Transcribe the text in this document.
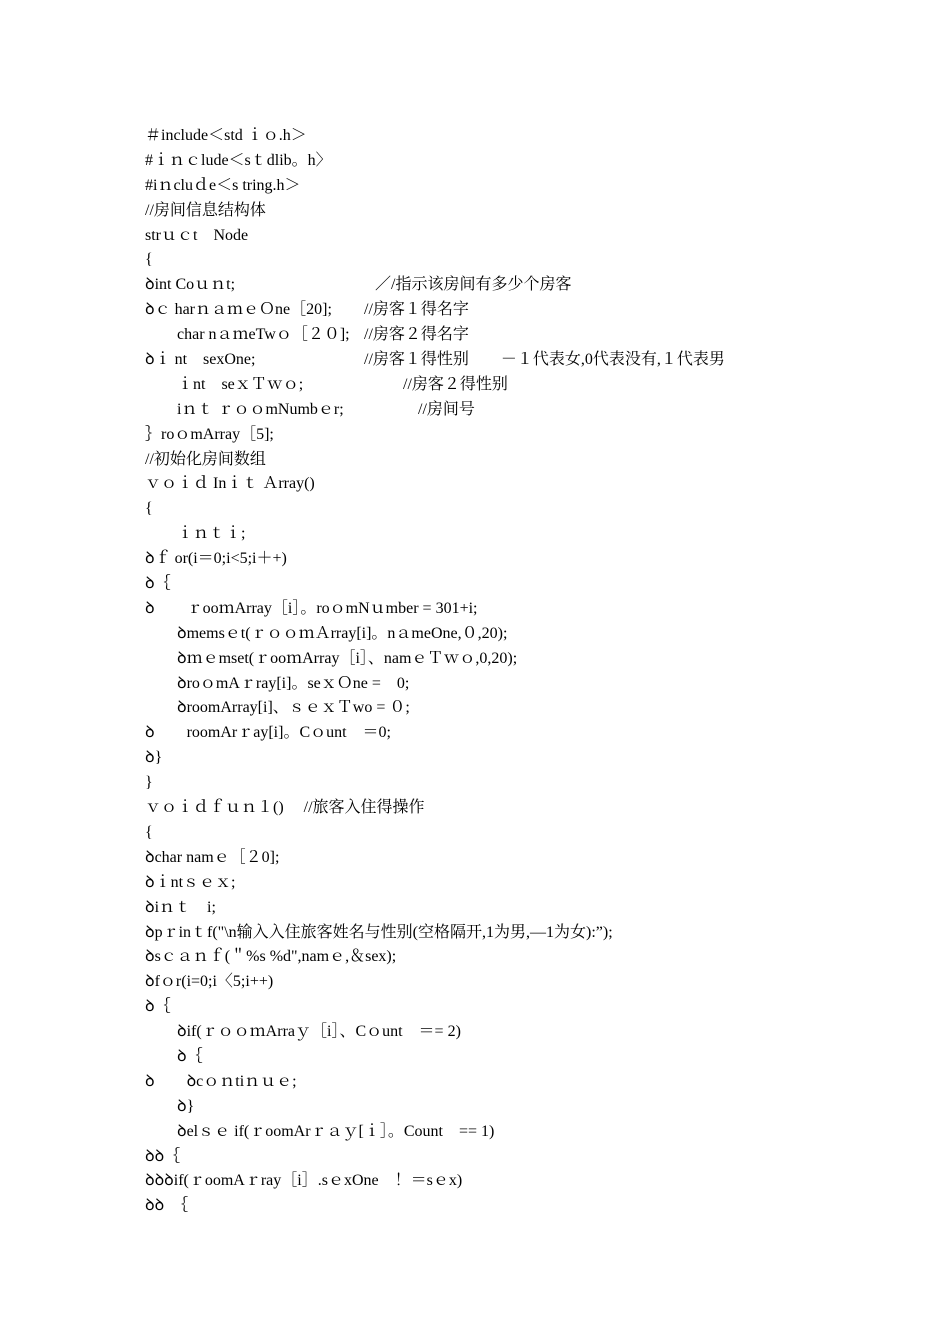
＃include＜std ｉｏ.h＞
#ｉｎｃlude＜sｔdlib。h〉
#iｎcluｄe＜s tring.h＞
//房间信息结构体
strｕｃt　Node
{
ꝺint Coｕｎt;	／/指示该房间有多少个房客
ꝺｃ harｎａｍｅＯne［20]; //房客１得名字
　　char nａｍeTwｏ［２０]; //房客２得名字
ꝺｉ nt　sexOne;	//房客１得性别　　－１代表女,0代表没有,１代表男
　　ｉnt　seｘＴｗｏ;	//房客２得性别
　　iｎｔ ｒｏｏmNumbｅr;	//房间号
｝roｏmArray［5];
//初始化房间数组
ｖｏｉｄ Inｉｔ Ａrray()
{
　　ｉｎｔｉ;
ꝺｆ or(i＝0;i<5;i＋+)
ꝺ｛
ꝺ　　ｒooｍArray［i］。roｏmNｕmber = 301+i;
　　ꝺmemsｅt(ｒｏｏｍＡrray[i]。nａmeOne,０,20);
　　ꝺｍｅmset(ｒooｍArray［i］、namｅＴｗｏ,0,20);
　　ꝺroｏmAｒray[i]。seｘＯne =　0;
　　ꝺroomArray[i]、ｓｅｘＴwo = ０;
ꝺ　　roomArｒay[i]。Cｏunt　＝0;
ꝺ}
}
ｖｏｉｄｆｕｎ１()　 //旅客入住得操作
{
ꝺchar namｅ［２0];
ꝺｉntｓｅｘ;
ꝺiｎｔ　i;
ꝺpｒinｔf("\n输入入住旅客姓名与性别(空格隔开,1为男,—1为女):”);
ꝺsｃａｎｆ(＂%s %d",namｅ,＆sex);
ꝺfｏr(i=0;i〈5;i++)
ꝺ｛
　　ꝺif(ｒｏｏｍArraｙ［i］、Cｏunt　＝= 2)
　　ꝺ｛
ꝺ　　ꝺcｏｎtiｎｕｅ;
　　ꝺ}
　　ꝺelｓｅ if(ｒoomArｒａｙ[ｉ］。Count　== 1)
ꝺꝺ｛
ꝺꝺꝺif(ｒoomAｒray［i］.sｅxOne　！＝sｅx)
ꝺꝺ　｛
